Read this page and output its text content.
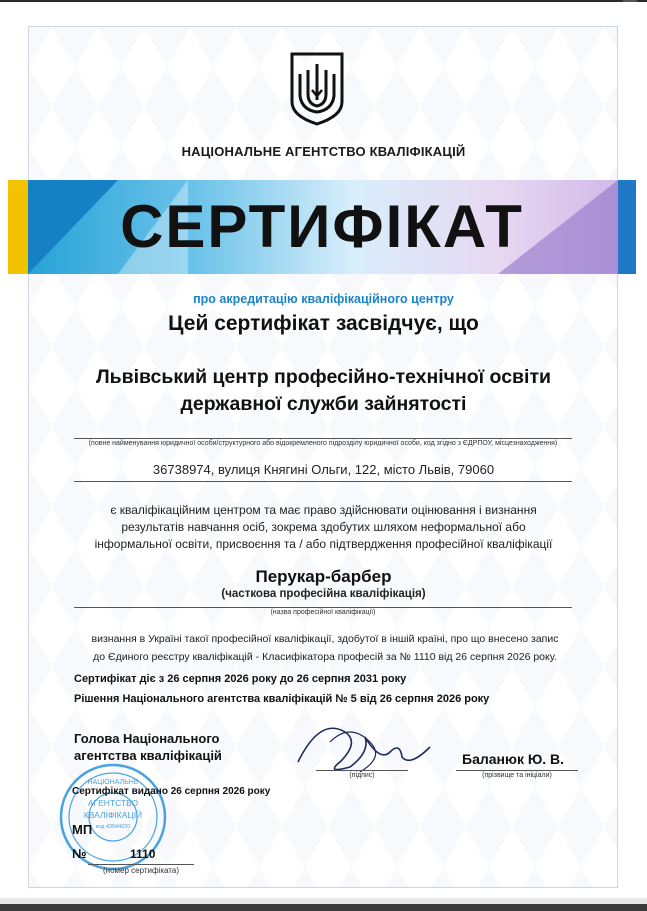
НАЦІОНАЛЬНЕ АГЕНТСТВО КВАЛІФІКАЦІЙ
СЕРТИФІКАТ
про акредитацію кваліфікаційного центру
Цей сертифікат засвідчує, що
Львівський центр професійно-технічної освіти
державної служби зайнятості
(повне найменування юридичної особи/структурного або відокремленого підрозділу юридичної особи, код згідно з ЄДРПОУ, місцезнаходження)
36738974, вулиця Княгині Ольги, 122, місто Львів, 79060
є кваліфікаційним центром та має право здійснювати оцінювання і визнання
результатів навчання осіб, зокрема здобутих шляхом неформальної або
інформальної освіти, присвоєння та / або підтвердження професійної кваліфікації
Перукар-барбер
(часткова професійна кваліфікація)
(назва професійної кваліфікації)
визнання в Україні такої професійної кваліфікації, здобутої в іншій країні, про що внесено запис
до Єдиного реєстру кваліфікацій - Класифікатора професій за № 1110 від 26 серпня 2026 року.
Сертифікат діє з 26 серпня 2026 року до 26 серпня 2031 року
Рішення Національного агентства кваліфікацій № 5 від 26 серпня 2026 року
Голова Національного
агентства кваліфікацій
(підпис)
Баланюк Ю. В.
(прізвище та ініціали)
НАЦІОНАЛЬНЕ
АГЕНТСТВО
КВАЛІФІКАЦІЙ
код 43544220
Сертифікат видано 26 серпня 2026 року
МП
№	1110
(номер сертифіката)
